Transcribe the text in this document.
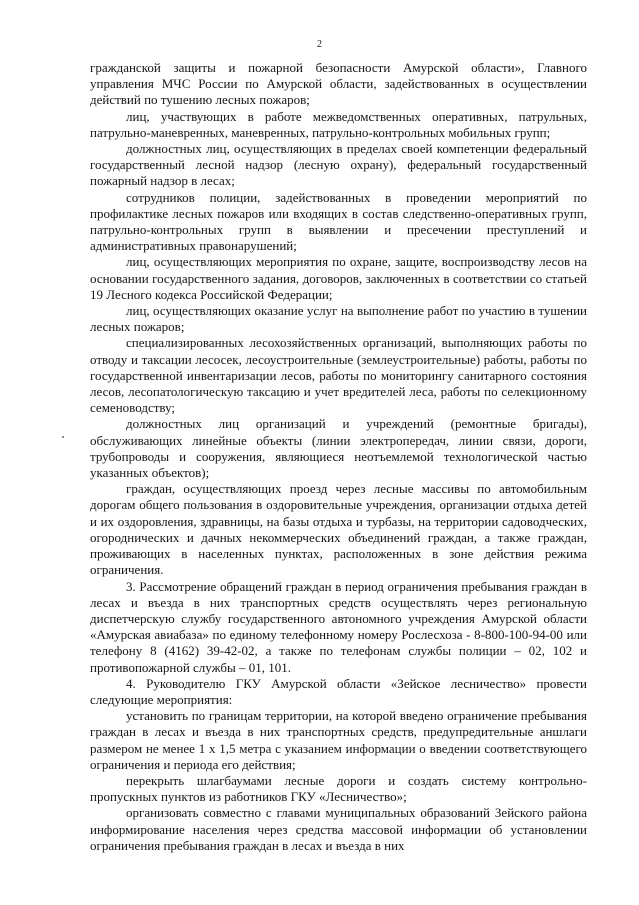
2

гражданской защиты и пожарной безопасности Амурской области», Главного управления МЧС России по Амурской области, задействованных в осуществлении действий по тушению лесных пожаров;

лиц, участвующих в работе межведомственных оперативных, патрульных, патрульно-маневренных, маневренных, патрульно-контрольных мобильных групп;

должностных лиц, осуществляющих в пределах своей компетенции федеральный государственный лесной надзор (лесную охрану), федеральный государственный пожарный надзор в лесах;

сотрудников полиции, задействованных в проведении мероприятий по профилактике лесных пожаров или входящих в состав следственно-оперативных групп, патрульно-контрольных групп в выявлении и пресечении преступлений и административных правонарушений;

лиц, осуществляющих мероприятия по охране, защите, воспроизводству лесов на основании государственного задания, договоров, заключенных в соответствии со статьей 19 Лесного кодекса Российской Федерации;

лиц, осуществляющих оказание услуг на выполнение работ по участию в тушении лесных пожаров;

специализированных лесохозяйственных организаций, выполняющих работы по отводу и таксации лесосек, лесоустроительные (землеустроительные) работы, работы по государственной инвентаризации лесов, работы по мониторингу санитарного состояния лесов, лесопатологическую таксацию и учет вредителей леса, работы по селекционному семеноводству;

должностных лиц организаций и учреждений (ремонтные бригады), обслуживающих линейные объекты (линии электропередач, линии связи, дороги, трубопроводы и сооружения, являющиеся неотъемлемой технологической частью указанных объектов);

граждан, осуществляющих проезд через лесные массивы по автомобильным дорогам общего пользования в оздоровительные учреждения, организации отдыха детей и их оздоровления, здравницы, на базы отдыха и турбазы, на территории садоводческих, огороднических и дачных некоммерческих объединений граждан, а также граждан, проживающих в населенных пунктах, расположенных в зоне действия режима ограничения.

3. Рассмотрение обращений граждан в период ограничения пребывания граждан в лесах и въезда в них транспортных средств осуществлять через региональную диспетчерскую службу государственного автономного учреждения Амурской области «Амурская авиабаза» по единому телефонному номеру Рослесхоза - 8-800-100-94-00 или телефону 8 (4162) 39-42-02, а также по телефонам службы полиции – 02, 102 и противопожарной службы – 01, 101.

4. Руководителю ГКУ Амурской области «Зейское лесничество» провести следующие мероприятия:

установить по границам территории, на которой введено ограничение пребывания граждан в лесах и въезда в них транспортных средств, предупредительные аншлаги размером не менее 1 х 1,5 метра с указанием информации о введении соответствующего ограничения и периода его действия;

перекрыть шлагбаумами лесные дороги и создать систему контрольно-пропускных пунктов из работников ГКУ «Лесничество»;

организовать совместно с главами муниципальных образований Зейского района информирование населения через средства массовой информации об установлении ограничения пребывания граждан в лесах и въезда в них
